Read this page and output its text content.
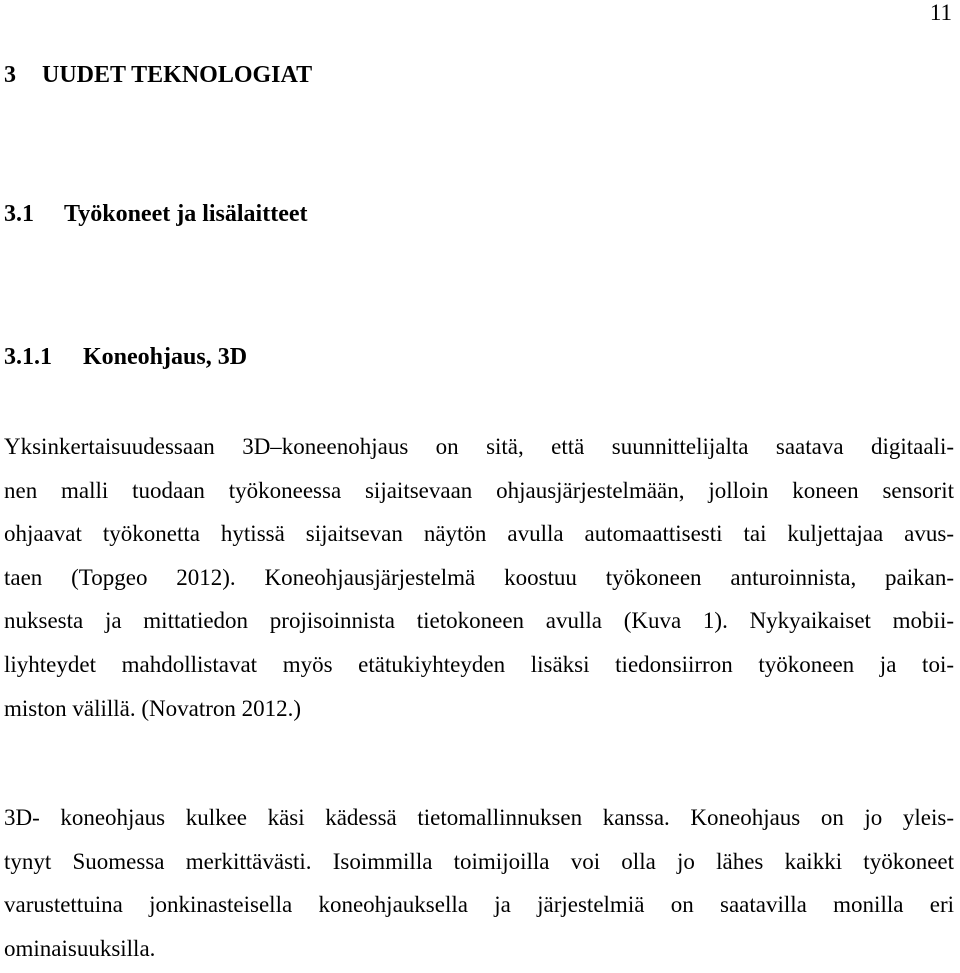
11
3 UUDET TEKNOLOGIAT
3.1 Työkoneet ja lisälaitteet
3.1.1 Koneohjaus, 3D

Yksinkertaisuudessaan 3D–koneenohjaus on sitä, että suunnittelijalta saatava digitaali-
nen malli tuodaan työkoneessa sijaitsevaan ohjausjärjestelmään, jolloin koneen sensorit
ohjaavat työkonetta hytissä sijaitsevan näytön avulla automaattisesti tai kuljettajaa avus-
taen (Topgeo 2012). Koneohjausjärjestelmä koostuu työkoneen anturoinnista, paikan-
nuksesta ja mittatiedon projisoinnista tietokoneen avulla (Kuva 1). Nykyaikaiset mobii-
liyhteydet mahdollistavat myös etätukiyhteyden lisäksi tiedonsiirron työkoneen ja toi-
miston välillä. (Novatron 2012.)

3D- koneohjaus kulkee käsi kädessä tietomallinnuksen kanssa. Koneohjaus on jo yleis-
tynyt Suomessa merkittävästi. Isoimmilla toimijoilla voi olla jo lähes kaikki työkoneet
varustettuina jonkinasteisella koneohjauksella ja järjestelmiä on saatavilla monilla eri
ominaisuuksilla.
